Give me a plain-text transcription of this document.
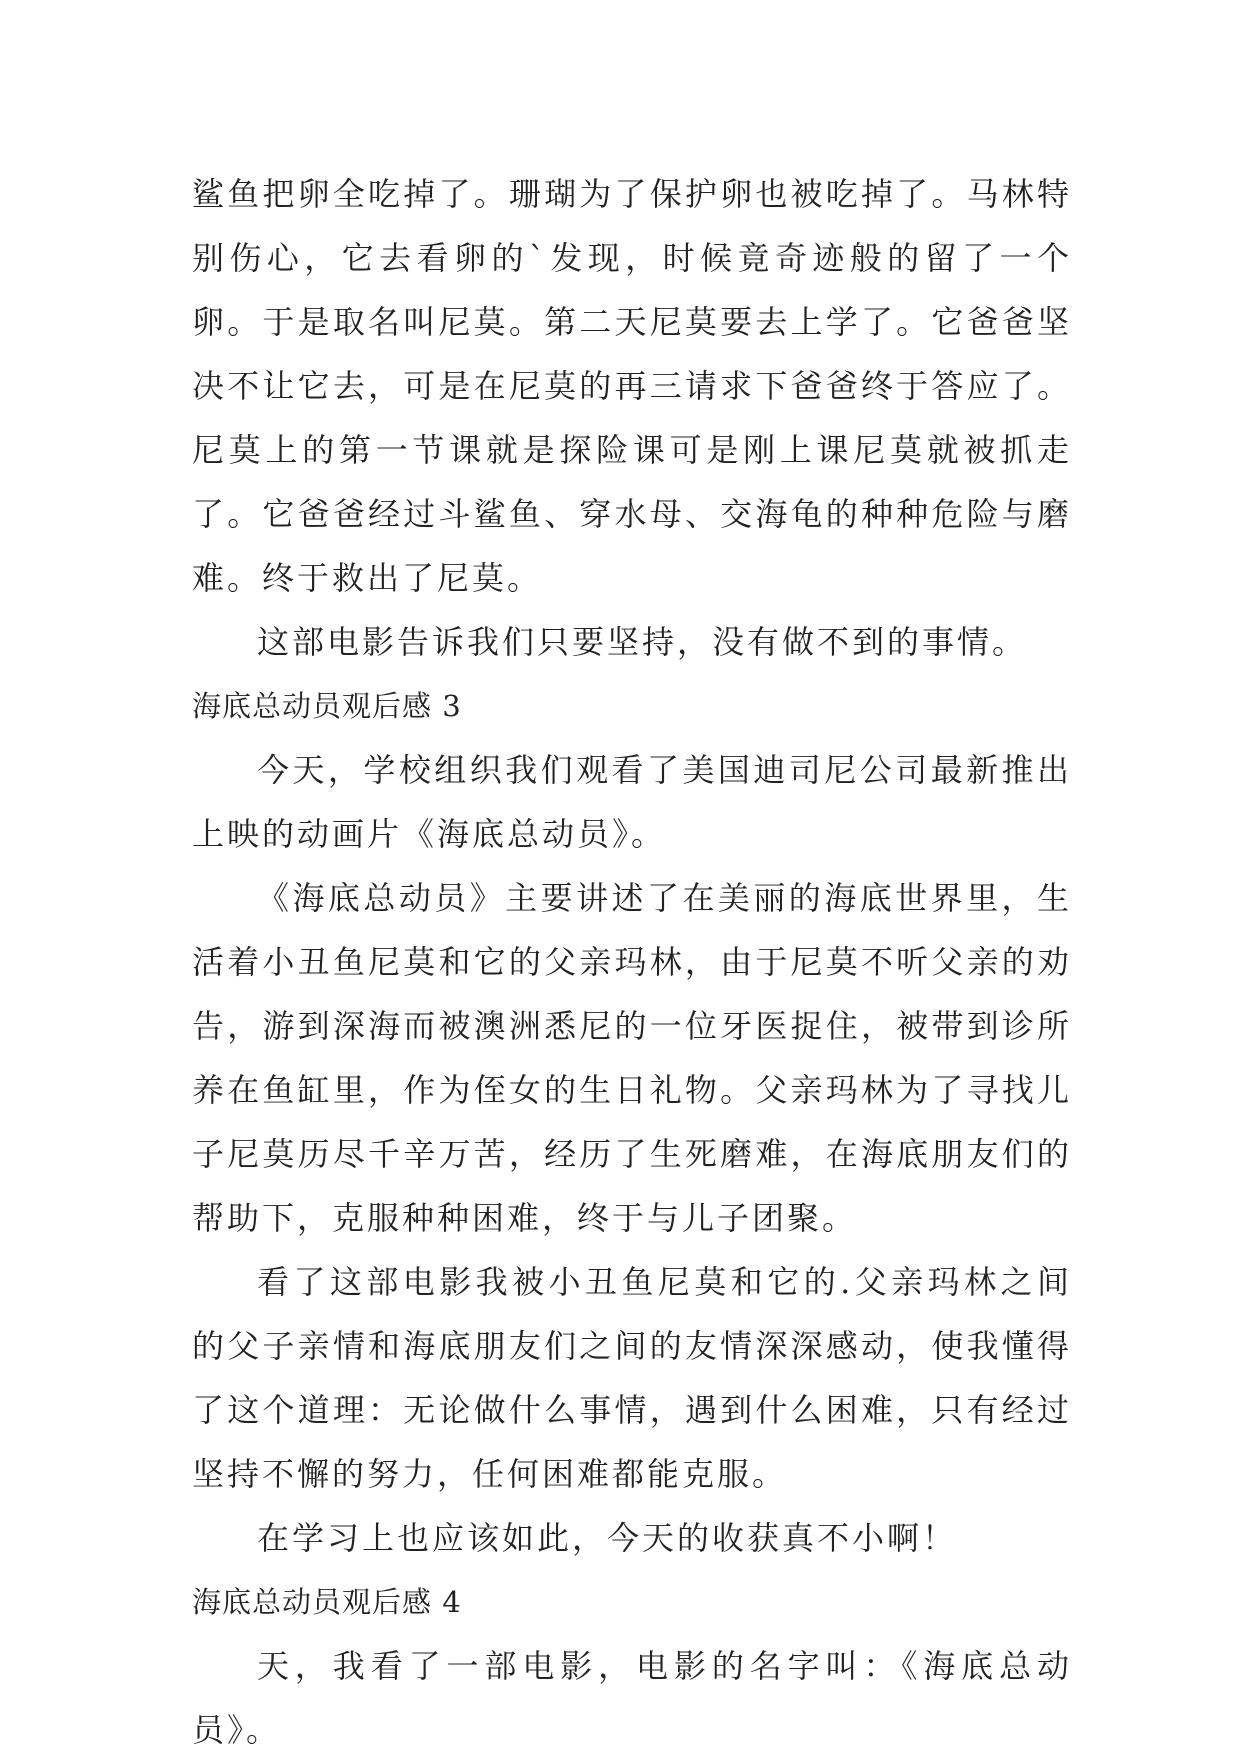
鲨鱼把卵全吃掉了。珊瑚为了保护卵也被吃掉了。马林特别伤心，它去看卵的`发现，时候竟奇迹般的留了一个卵。于是取名叫尼莫。第二天尼莫要去上学了。它爸爸坚决不让它去，可是在尼莫的再三请求下爸爸终于答应了。尼莫上的第一节课就是探险课可是刚上课尼莫就被抓走了。它爸爸经过斗鲨鱼、穿水母、交海龟的种种危险与磨难。终于救出了尼莫。

这部电影告诉我们只要坚持，没有做不到的事情。

海底总动员观后感 3

今天，学校组织我们观看了美国迪司尼公司最新推出上映的动画片《海底总动员》。

《海底总动员》主要讲述了在美丽的海底世界里，生活着小丑鱼尼莫和它的父亲玛林，由于尼莫不听父亲的劝告，游到深海而被澳洲悉尼的一位牙医捉住，被带到诊所养在鱼缸里，作为侄女的生日礼物。父亲玛林为了寻找儿子尼莫历尽千辛万苦，经历了生死磨难，在海底朋友们的帮助下，克服种种困难，终于与儿子团聚。

看了这部电影我被小丑鱼尼莫和它的.父亲玛林之间的父子亲情和海底朋友们之间的友情深深感动，使我懂得了这个道理：无论做什么事情，遇到什么困难，只有经过坚持不懈的努力，任何困难都能克服。

在学习上也应该如此，今天的收获真不小啊！

海底总动员观后感 4

天，我看了一部电影，电影的名字叫：《海底总动员》。
